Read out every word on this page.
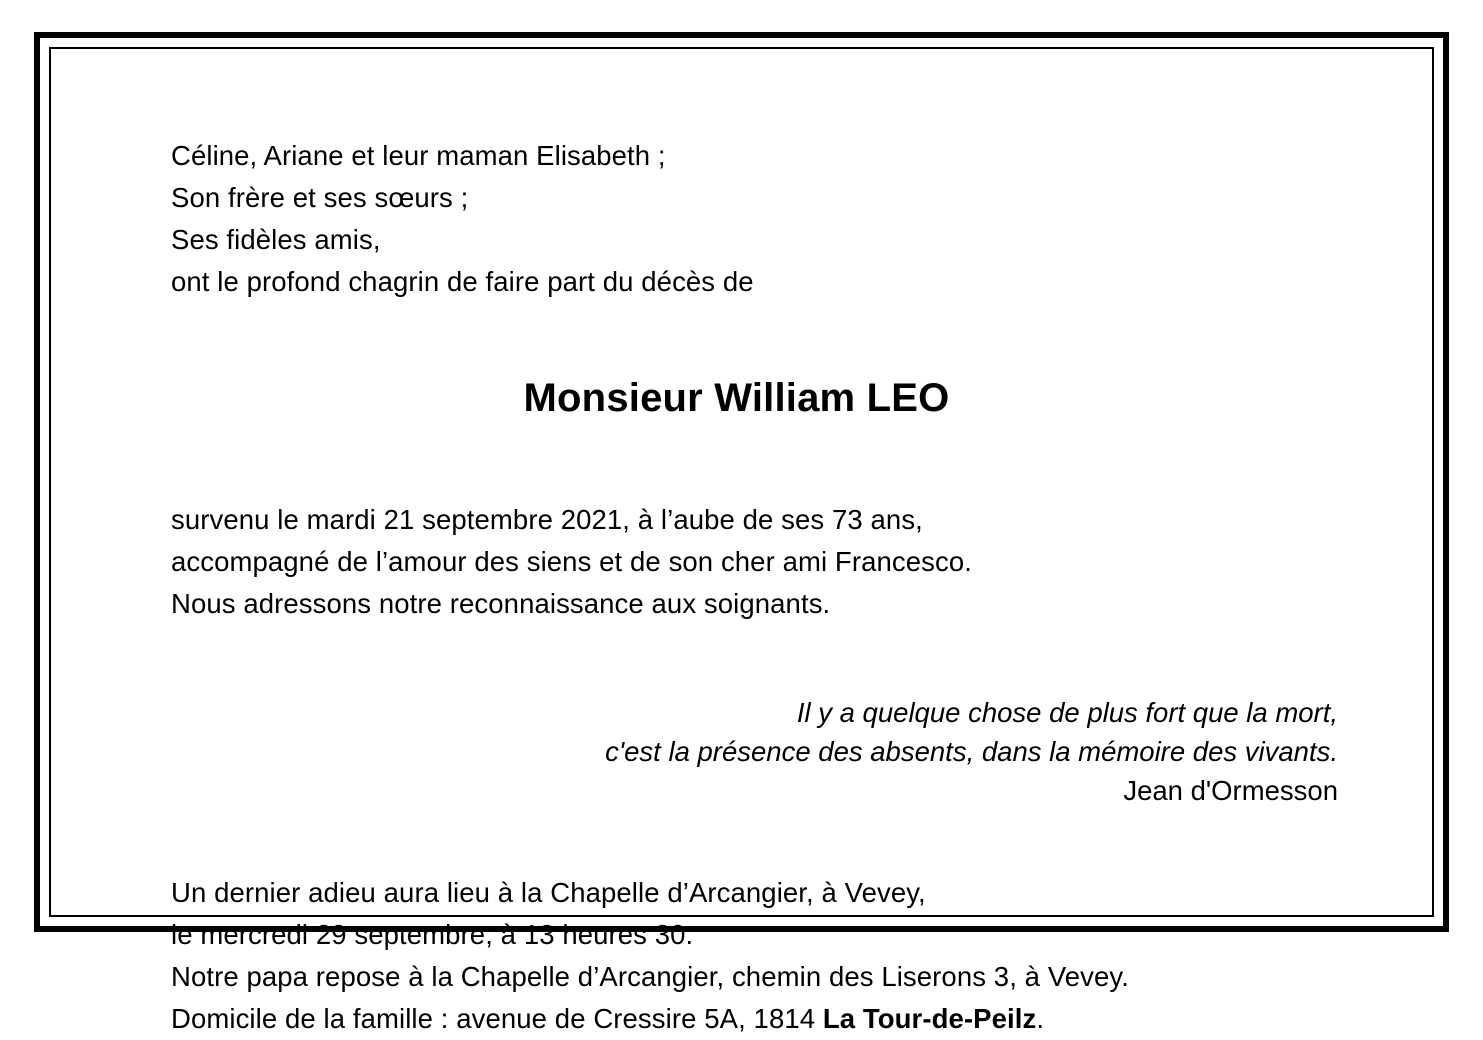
Céline, Ariane et leur maman Elisabeth ;
Son frère et ses sœurs ;
Ses fidèles amis,
ont le profond chagrin de faire part du décès de
Monsieur William LEO
survenu le mardi 21 septembre 2021, à l’aube de ses 73 ans,
accompagné de l’amour des siens et de son cher ami Francesco.
Nous adressons notre reconnaissance aux soignants.
Il y a quelque chose de plus fort que la mort,
c'est la présence des absents, dans la mémoire des vivants.
Jean d'Ormesson
Un dernier adieu aura lieu à la Chapelle d’Arcangier, à Vevey,
le mercredi 29 septembre, à 13 heures 30.
Notre papa repose à la Chapelle d’Arcangier, chemin des Liserons 3, à Vevey.
Domicile de la famille : avenue de Cressire 5A, 1814 La Tour-de-Peilz.
